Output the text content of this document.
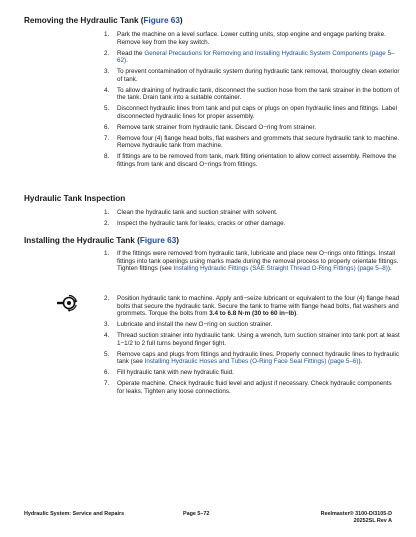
Removing the Hydraulic Tank (Figure 63)
1. Park the machine on a level surface. Lower cutting units, stop engine and engage parking brake. Remove key from the key switch.
2. Read the General Precautions for Removing and Installing Hydraulic System Components (page 5–62).
3. To prevent contamination of hydraulic system during hydraulic tank removal, thoroughly clean exterior of tank.
4. To allow draining of hydraulic tank, disconnect the suction hose from the tank strainer in the bottom of the tank. Drain tank into a suitable container.
5. Disconnect hydraulic lines from tank and put caps or plugs on open hydraulic lines and fittings. Label disconnected hydraulic lines for proper assembly.
6. Remove tank strainer from hydraulic tank. Discard O−ring from strainer.
7. Remove four (4) flange head bolts, flat washers and grommets that secure hydraulic tank to machine. Remove hydraulic tank from machine.
8. If fittings are to be removed from tank, mark fitting orientation to allow correct assembly. Remove the fittings from tank and discard O−rings from fittings.
Hydraulic Tank Inspection
1. Clean the hydraulic tank and suction strainer with solvent.
2. Inspect the hydraulic tank for leaks, cracks or other damage.
Installing the Hydraulic Tank (Figure 63)
1. If the fittings were removed from hydraulic tank, lubricate and place new O−rings onto fittings. Install fittings into tank openings using marks made during the removal process to properly orientate fittings. Tighten fittings (see Installing Hydraulic Fittings (SAE Straight Thread O-Ring Fittings) (page 5–8)).
2. Position hydraulic tank to machine. Apply anti−seize lubricant or equivalent to the four (4) flange head bolts that secure the hydraulic tank. Secure the tank to frame with flange head bolts, flat washers and grommets. Torque the bolts from 3.4 to 6.8 N·m (30 to 60 in−lb).
3. Lubricate and install the new O−ring on suction strainer.
4. Thread suction strainer into hydraulic tank. Using a wrench, turn suction strainer into tank port at least 1−1/2 to 2 full turns beyond finger tight.
5. Remove caps and plugs from fittings and hydraulic lines. Properly connect hydraulic lines to hydraulic tank (see Installing Hydraulic Hoses and Tubes (O-Ring Face Seal Fittings) (page 5–6)).
6. Fill hydraulic tank with new hydraulic fluid.
7. Operate machine. Check hydraulic fluid level and adjust if necessary. Check hydraulic components for leaks. Tighten any loose connections.
Hydraulic System: Service and Repairs	Page 5–72	Reelmaster® 3100-D/3105-D
20252SL Rev A
